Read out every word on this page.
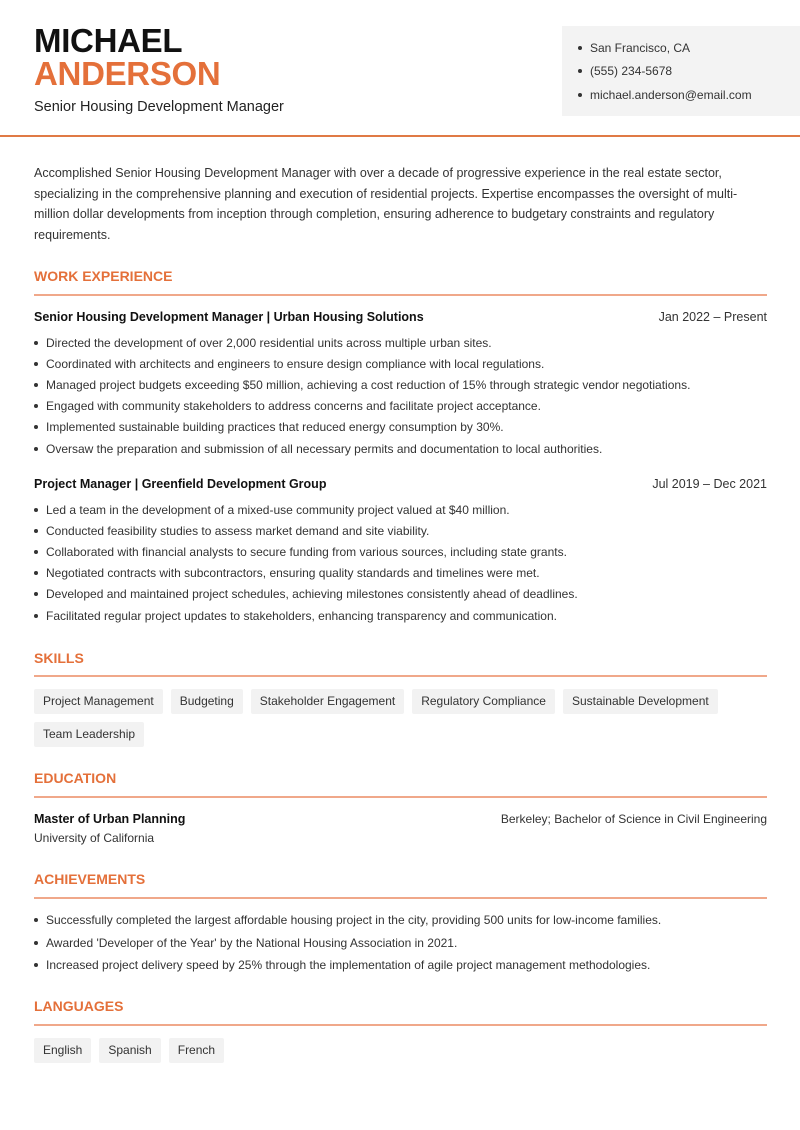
MICHAEL
ANDERSON
Senior Housing Development Manager
San Francisco, CA
(555) 234-5678
michael.anderson@email.com
Accomplished Senior Housing Development Manager with over a decade of progressive experience in the real estate sector, specializing in the comprehensive planning and execution of residential projects. Expertise encompasses the oversight of multi-million dollar developments from inception through completion, ensuring adherence to budgetary constraints and regulatory requirements.
WORK EXPERIENCE
Senior Housing Development Manager | Urban Housing Solutions	Jan 2022 – Present
Directed the development of over 2,000 residential units across multiple urban sites.
Coordinated with architects and engineers to ensure design compliance with local regulations.
Managed project budgets exceeding $50 million, achieving a cost reduction of 15% through strategic vendor negotiations.
Engaged with community stakeholders to address concerns and facilitate project acceptance.
Implemented sustainable building practices that reduced energy consumption by 30%.
Oversaw the preparation and submission of all necessary permits and documentation to local authorities.
Project Manager | Greenfield Development Group	Jul 2019 – Dec 2021
Led a team in the development of a mixed-use community project valued at $40 million.
Conducted feasibility studies to assess market demand and site viability.
Collaborated with financial analysts to secure funding from various sources, including state grants.
Negotiated contracts with subcontractors, ensuring quality standards and timelines were met.
Developed and maintained project schedules, achieving milestones consistently ahead of deadlines.
Facilitated regular project updates to stakeholders, enhancing transparency and communication.
SKILLS
Project Management	Budgeting	Stakeholder Engagement	Regulatory Compliance	Sustainable Development
Team Leadership
EDUCATION
Master of Urban Planning	Berkeley; Bachelor of Science in Civil Engineering
University of California
ACHIEVEMENTS
Successfully completed the largest affordable housing project in the city, providing 500 units for low-income families.
Awarded 'Developer of the Year' by the National Housing Association in 2021.
Increased project delivery speed by 25% through the implementation of agile project management methodologies.
LANGUAGES
English	Spanish	French
